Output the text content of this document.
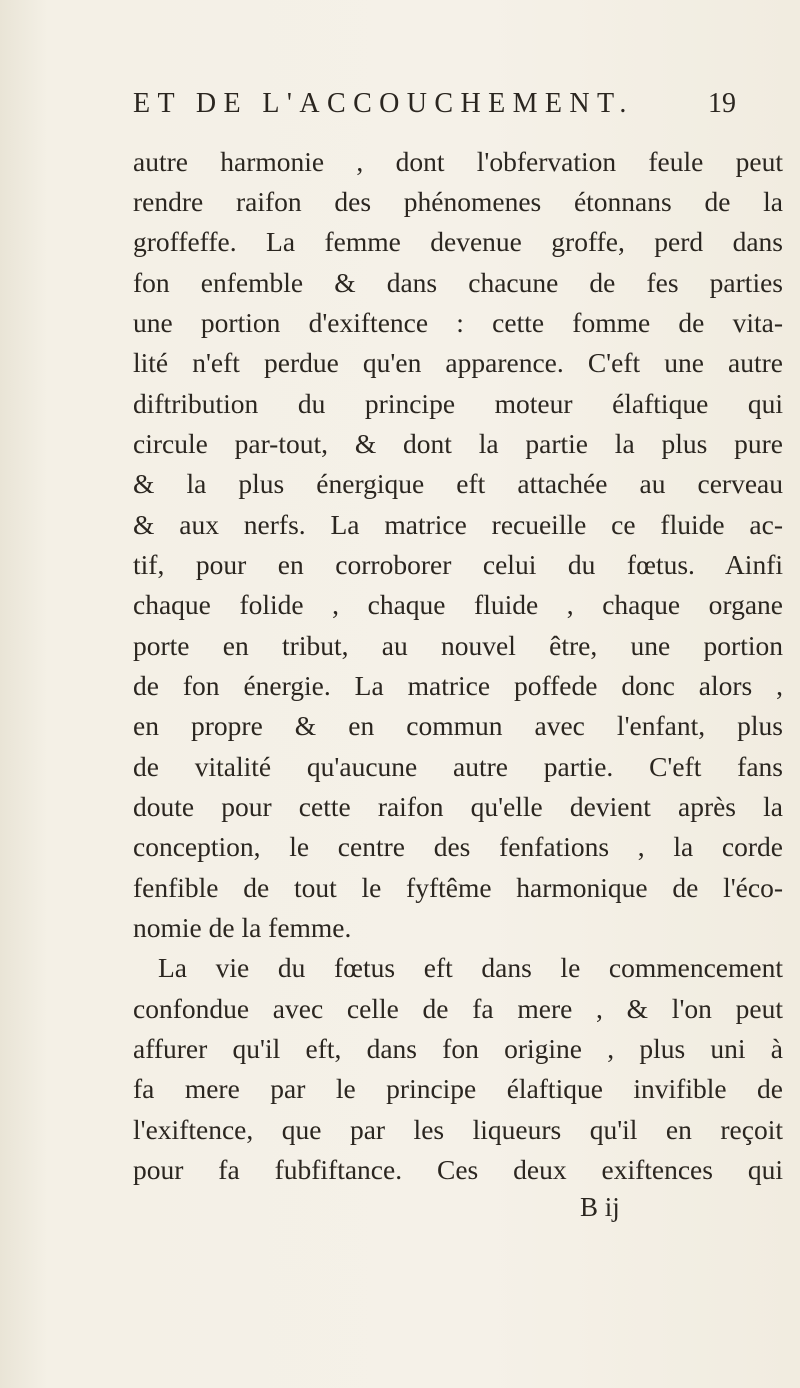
ET DE L'ACCOUCHEMENT.	19
autre harmonie , dont l'obfervation feule peut
rendre raifon des phénomenes étonnans de la
groffeffe. La femme devenue groffe, perd dans
fon enfemble & dans chacune de fes parties
une portion d'exiftence : cette fomme de vita-
lité n'eft perdue qu'en apparence. C'eft une autre
diftribution du principe moteur élaftique qui
circule par-tout, & dont la partie la plus pure
& la plus énergique eft attachée au cerveau
& aux nerfs. La matrice recueille ce fluide ac-
tif, pour en corroborer celui du fœtus. Ainfi
chaque folide , chaque fluide , chaque organe
porte en tribut, au nouvel être, une portion
de fon énergie. La matrice poffede donc alors ,
en propre & en commun avec l'enfant, plus
de vitalité qu'aucune autre partie. C'eft fans
doute pour cette raifon qu'elle devient après la
conception, le centre des fenfations , la corde
fenfible de tout le fyftême harmonique de l'éco-
nomie de la femme.
La vie du fœtus eft dans le commencement
confondue avec celle de fa mere , & l'on peut
affurer qu'il eft, dans fon origine , plus uni à
fa mere par le principe élaftique invifible de
l'exiftence, que par les liqueurs qu'il en reçoit
pour fa fubfiftance. Ces deux exiftences qui
B ij
